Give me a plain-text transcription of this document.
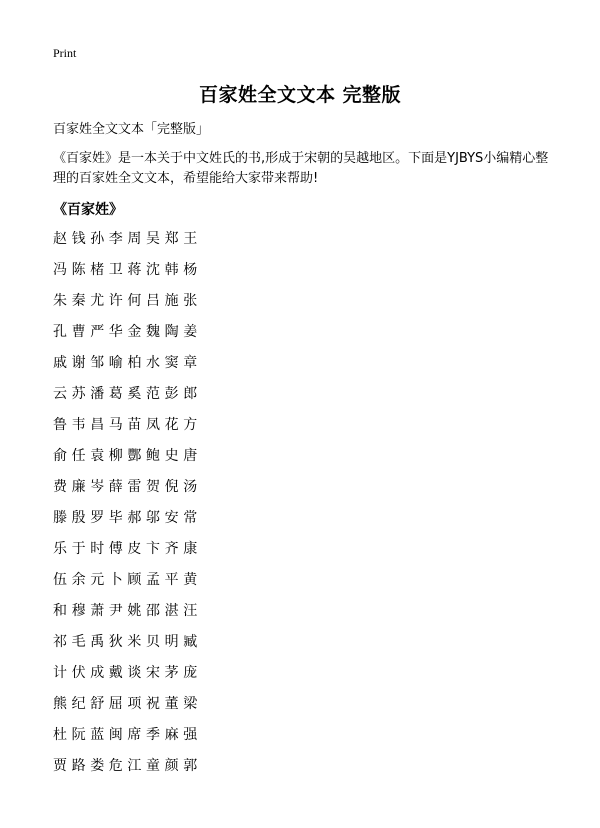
Print
百家姓全文文本 完整版
百家姓全文文本「完整版」
《百家姓》是一本关于中文姓氏的书,形成于宋朝的吴越地区。下面是YJBYS小编精心整理的百家姓全文文本，希望能给大家带来帮助!
《百家姓》
赵钱孙李周吴郑王
冯陈楮卫蒋沈韩杨
朱秦尤许何吕施张
孔曹严华金魏陶姜
戚谢邹喻柏水窦章
云苏潘葛奚范彭郎
鲁韦昌马苗凤花方
俞任袁柳酆鲍史唐
费廉岑薛雷贺倪汤
滕殷罗毕郝邬安常
乐于时傅皮卞齐康
伍余元卜顾孟平黄
和穆萧尹姚邵湛汪
祁毛禹狄米贝明臧
计伏成戴谈宋茅庞
熊纪舒屈项祝董梁
杜阮蓝闽席季麻强
贾路娄危江童颜郭
